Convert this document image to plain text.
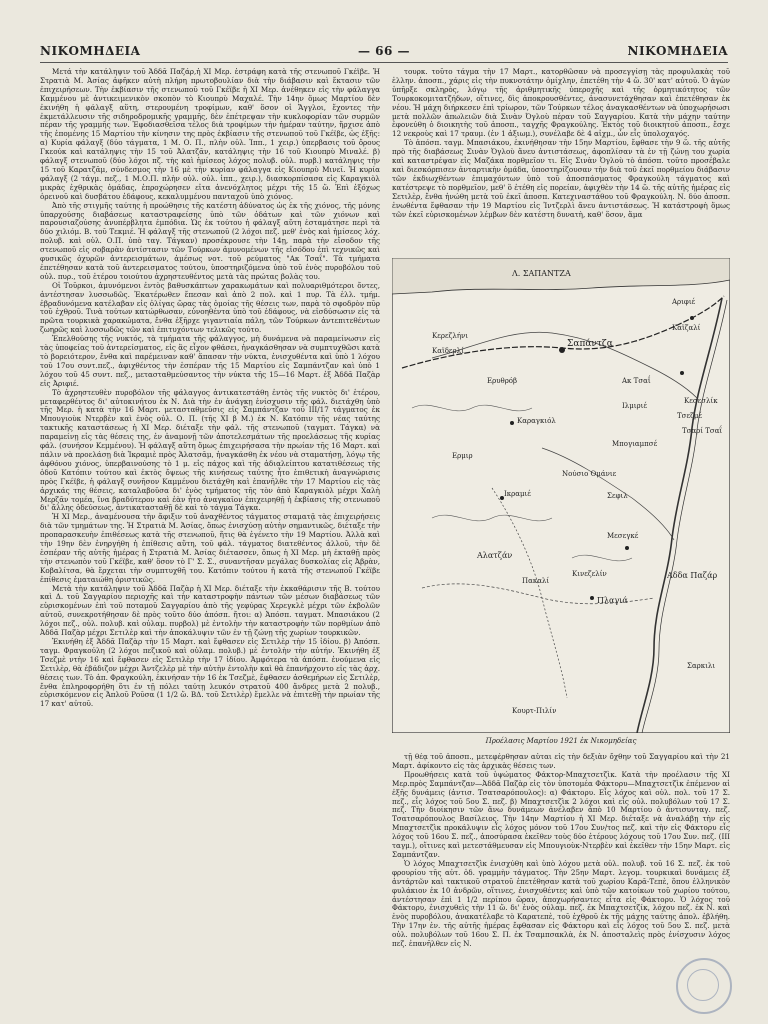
ΝΙΚΟΜΗΔΕΙΑ	— 66 —	ΝΙΚΟΜΗΔΕΙΑ

Μετά τὴν κατάληψιν τοῦ Ἀδδᾶ Παζάρ,ἡ ΧΙ Μερ. ἐστράφη κατὰ τῆς στενωποῦ Γκέϊβε. Ἡ Στρατιὰ Μ. Ἀσίας ἀφῆκεν αὐτὴ πλήρη πρωτοβουλίαν διὰ τὴν διάβασιν καὶ ἔκτασιν τῶν ἐπιχειρήσεων. Τὴν ἐκβίασιν τῆς στενωποῦ τοῦ Γκέϊβε ἡ ΧΙ Μερ. ἀνέθηκεν εἰς τὴν φάλαγγα Καμμένου μὲ ἀντικειμενικὸν σκοπὸν τὸ Κιουπρὺ Μαχαλέ. Τὴν 14ην ὅμως Μαρτίου δὲν ἐκινήθη ἡ φάλαγξ αὕτη, στερουμένη τροφίμων, καθ' ὅσον οἱ Ἄγγλοι, ἔχοντες τὴν ἐκμετάλλευσιν τῆς σιδηροδρομικῆς γραμμῆς, δὲν ἐπέτρεψαν τὴν κυκλοφορίαν τῶν συρμῶν πέραν τῆς γραμμῆς των. Ἐφοδιασθεῖσα τέλος διὰ τροφίμων τὴν ἡμέραν ταύτην, ἤρχισε ἀπὸ τῆς ἐπομένης 15 Μαρτίου τὴν κίνησιν της πρὸς ἐκβίασιν τῆς στενωποῦ τοῦ Γκέϊβε, ὡς ἑξῆς: α) Κυρία φάλαγξ (δύο τάγματα, 1 Μ. Ο. Π., πλὴν οὐλ. Ἱππ., 1 χειρ.) ὑπερβασις τοῦ ὄρους Γκεούκ καὶ κατάληψις τὴν 15 τοῦ Ἀλατζᾶν, κατάληψις τὴν 16 τοῦ Κιουπρὺ Μιναλέ. β) φάλαγξ στενωποῦ (δύο λόχοι πζ. τὴς καὶ ἡμίσεος λόχος πολυβ. οὐλ. πυρβ.) κατάληψις τὴν 15 τοῦ Καρατζᾶμ, σύνδεσμος τὴν 16 μὲ τὴν κυρίαν φάλαγγα εἰς Κιουπρὺ Μινεῖ. Ἡ κυρία φάλαγξ (2 τάγμ. πεζ., 1 Μ.Ο.Π. πλὴν οὐλ. οὐλ. ἱππ., χειρ.), διασκορπίσασα εἰς Καραγκιὸλ μικρὰς ἐχθρικὰς ὁμάδας, ἐπροχώρησεν εἰτα ἀνενόχλητος μέχρι τῆς 15 ὥ. Ἐπὶ ἐξόχως ὀρεινοῦ καὶ δυσβάτου ἐδάφους, κεκαλυμμένου πανταχοῦ ὑπὸ χιόνος.

Ἀπὸ τῆς στιγμῆς ταύτης ἡ προώθησις τῆς κατέστη ἀδύνατος ὡς ἐκ τῆς χιόνος, τῆς μόνης ὑπαρχούσης διαβάσεως καταστραφείσης ὑπὸ τῶν ὀδάτων καὶ τῶν χιόνων καὶ παρουσιαζούσης ἀνυπέρβλητα ἐμπόδια. Ὡς ἐκ τούτου ἡ φάλαγξ αὕτη ἐσταμάτησε περὶ τὰ δύο χιλιόμ. Β. τοῦ Τεκμιέ. Ἡ φάλαγξ τῆς στενωποῦ (2 λόχοι πεζ. μεθ' ἑνὸς καὶ ἡμίσεος λόχ. πολυβ. καὶ οὐλ. Ο.Π. ὑπὸ ταγ. Τάγκαν) προσέκρουσε τὴν 14ῃ, παρὰ τὴν εἴσοδον τῆς στενωποῦ εἰς σοβαρὰν ἀντίστασιν τῶν Τούρκων ἀμυνομένων τῆς εἰσόδου ἐπὶ τεχνικῶς καὶ φυσικῶς ὀχυρῶν ἀντερεισμάτων, ἀμέσως νοτ. τοῦ ρεύματος "Ακ Τσαΐ". Τὰ τμήματα ἐπετέθησαν κατὰ τοῦ ἀντερεισματος τούτου, ὑποστηριζόμενα ὑπὸ τοῦ ἑνὸς πυροβόλου τοῦ οὐλ. πυρ., τοῦ ἑτέρου τοιούτου ἀχρηστευθέντος μετὰ τὰς πρώτας βολὰς του.

Οἱ Τοῦρκοι, ἀμυνόμενοι ἐντὸς βαθυσκάπτων χαρακωμάτων καὶ πολυαριθμότεροι ὄντες, ἀντέστησαν λυσσωδῶς. Ἐκατέρωθεν ἔπεσαν καὶ ἀπὸ 2 πολ. καὶ 1 πυρ. Τὰ ἑλλ. τμήμ. ἐβραδυνόμενα κατέλαβαν εἰς ὀλίγας ὥρας τὰς ὁμοίας τῆς θέσεις των, παρὰ τὸ σφοδρὸν πῦρ τοῦ ἐχθροῦ. Τινὰ τούτων κατώρθωσαν, εὐνοηθέντα ὑπὸ τοῦ ἐδάφους, νὰ εἰσδύσωσιν εἰς τὰ πρῶτα τουρκικὰ χαρακώματα, ἔνθα ἐξῆρχε γιγαντιαία πάλη, τῶν Τούρκων ἀντεπιτεθέντων ζωηρῶς καὶ λυσσωδῶς τῶν καὶ ἐπιτυχόντων τελικῶς τούτο.

Ἐπελθούσης τῆς νυκτός, τὰ τμήματα τῆς φάλαγγος, μὴ δυνάμενα νὰ παραμείνωσιν εἰς τὰς ὑποφείας τοῦ ἀντερείσματος, εἰς ἃς εἶχον φθάσει, ἠναγκάσθησαν νὰ συμπτυχθῶσι κατὰ τὸ βορειότερον, ἔνθα καὶ παρέμειναν καθ' ἅπασαν τὴν νύκτα, ἐνισχυθέντα καὶ ὑπὸ 1 λόχου τοῦ 17ου συντ.πεζ., ἀφιχθέντος τὴν ἑσπέραν τῆς 15 Μαρτίου εἰς Σαμπάντζαν καὶ ὑπὸ 1 λόχου τοῦ 45 συντ. πεζ., μετασταθμεύσαντος τὴν νύκτα τῆς 15—16 Μαρτ. ἐξ Ἀδδᾶ Παζὰρ εἰς Ἀριφιέ.

Τὸ ἀχρηστευθὲν πυροβόλον τῆς φάλαγγος ἀντικατεστάθη ἐντὸς τῆς νυκτὸς δι' ἑτέρου, μεταφερθέντος δι' αὐτοκινήτου ἐκ Ν. Διὰ τὴν ἐν ἀνάγκῃ ἐνίσχυσιν τῆς φάλ. διετάχθη ὑπὸ τῆς Μερ. ἡ κατὰ τὴν 16 Μαρτ. μετασταθμεῦσις εἰς Σαμπάντζαν τοῦ ΙΙΙ/17 τάγματος ἐκ Μπουγιοὺκ Ντερβὲν καὶ ἑνὸς οὐλ. Ο. Π. (τῆς ΧΙ β Μ.) ἐκ Ν. Κατόπιν τῆς νέας ταύτης τακτικῆς καταστάσεως ἡ ΧΙ Μερ. διέταξε τὴν φάλ. τῆς στενωποῦ (ταγματ. Τάγκα) νὰ παραμείνῃ εἰς τὰς θέσεις της, ἐν ἀναμονῇ τῶν ἀποτελεσμάτων τῆς προελάσεως τῆς κυρίας φάλ. (συνήσον Κεμμένου). Ἡ φάλαγξ αὕτη ὅμως ἐπιχειρήσασα τὴν πρωίαν τῆς 16 Μαρτ. καὶ πάλιν νὰ προελάσῃ διὰ Ἰκραμιὲ πρὸς Ἀλατσᾶμ, ἠναγκάσθη ἐκ νέου νὰ σταματήσῃ, λόγῳ τῆς ἀφθόνου χιόνος, ὑπερβαινούσης τὸ 1 μ. εἰς πάχος καὶ τῆς ἀδιαλείπτου κατατιθέσεως τῆς ὁδοῦ Κατόπιν τούτου καὶ ἐκτὸς ὄψεως τῆς κινήσεως ταύτης ἦτο ἐπιθετικὴ ἀναγνώρισις πρὸς Γκέϊβε, ἡ φάλαγξ συνῆσον Καμμένου διετάχθη καὶ ἐπανῆλθε τὴν 17 Μαρτίου εἰς τὰς ἀρχικάς της θέσεις, καταλαβοῦσα δι' ἑνὸς τμήματος τῆς τὸν ἀπὸ Καραγκιὸλ μέχρι Χαλὴ Μερζᾶν τομέα, ἵνα βραδύτερον καὶ ἐὰν ἦτο ἀναγκαῖον ἐπιχειρηθῇ ἡ ἐκβίασις τῆς στενωποῦ δι' ἄλλης ὁδεύσεως, ἀντικατασταθῇ δὲ καὶ τὸ τάγμα Τάγκα.

Ἡ ΧΙ Μερ., ἀναμένουσα τὴν ἄφιξιν τοῦ ἀναχθέντος τάγματος σταματᾷ τὰς ἐπιχειρήσεις διὰ τῶν τμημάτων της. Ἡ Στρατιὰ Μ. Ἀσίας, ὅπως ἐνισχύσῃ αὐτὴν σημαντικῶς, διέταξε τὴν προπαρασκευὴν ἐπιθέσεως κατὰ τῆς στενωποῦ, ἥτις θὰ ἐγένετο τὴν 19 Μαρτίου. Ἀλλὰ καὶ τὴν 19ην δὲν ἐνηργήθη ἡ ἐπίθεσις αὕτη, τοῦ φάλ. τάγματος διατεθέντος ἀλλοῦ, τὴν δὲ ἑσπέραν τῆς αὐτῆς ἡμέρας ἡ Στρατιὰ Μ. Ἀσίας διέτασσεν, ὅπως ἡ ΧΙ Μερ. μὴ ἐκταθῇ πρὸς τὴν στενωπὸν τοῦ Γκέϊβε, καθ' ὅσον τὸ Γ' Σ. Σ., συναντῆσαν μεγάλας δυσκολίας εἰς Ἀβρὰν, Κοβαλίτσα, θὰ ἔρχεται τὴν συμπτυχθῆ του. Κατόπιν τούτου ἡ κατὰ τῆς στενωποῦ Γκέϊβε ἐπίθεσις ἐματαιώθη ὁριστικῶς.

Μετὰ τὴν κατάληψιν τοῦ Ἀδδᾶ Παζὰρ ἡ ΧΙ Μερ. διέταξε τὴν ἐκκαθάρισιν τῆς Β. τούτου καὶ Δ. τοῦ Σαγγαρίου περιοχῆς καὶ τὴν καταστροφὴν πάντων τῶν μέσων διαβάσεως τῶν εὑρισκομένων ἐπὶ τοῦ ποταμοῦ Σαγγαρίου ἀπὸ τῆς γεφύρας Χερεγκλὲ μέχρι τῶν ἐκβολῶν αὐτοῦ, συνεκροτήθησαν δὲ πρὸς τοῦτο δύο ἀπόσπ. ἤτοι: α) Ἀπόσπ. ταγματ. Μπασιάκου (2 λόχοι πεζ., οὐλ. πολυβ. καὶ οὐλαμ. πυρβολ) μὲ ἐντολὴν τὴν καταστροφὴν τῶν πορθμίων ἀπὸ Ἀδδᾶ Παζὰρ μέχρι Σετιλὲρ καὶ τὴν ἀποκάλυψιν τῶν ἐν τῇ ζώνῃ τῆς χωρίων τουρκικῶν.

Ἐκινήθη ἐξ Ἀδδᾶ Παζὰρ τὴν 15 Μαρτ. καὶ ἔφθασεν εἰς Σετιλὲρ τὴν 15 ἰδίου. β) Ἀπόσπ. ταγμ. Φραγκούλη (2 λόχοι πεζικοῦ καὶ οὐλαμ. πολυβ.) μὲ ἐντολὴν τὴν αὐτήν. Ἐκινήθη ἐξ Τσεζμὲ ντὴν 16 καὶ ἔφθασεν εἰς Σετιλὲρ τὴν 17 ἰδίου. Ἀμφότερα τὰ ἀπόσπ. ἑνούμενα εἰς Σετιλὲρ, θὰ ἐβάδιζον μέχρι Ἀντζελὲρ μὲ τὴν αὐτὴν ἐντολὴν καὶ θὰ ἐπανήρχοντο εἰς τὰς ἀρχ. θέσεις των. Τὸ ἀπ. Φραγκούλη, ἐκινήσαν τὴν 16 ἐκ Τσεζμὲ, ἔφθασεν ἀσθεμήρων εἰς Σετιλὲρ, ἔνθα ἐπληροφορήθη ὅτι ἐν τῇ πόλει ταύτῃ λευκόν στρατοῦ 400 ἄνδρες μετὰ 2 πολυβ., εὑρισκόμενον εἰς Ἀπλοῦ Ροῦσα (1 1/2 ὥ. ΒΔ. τοῦ Σετιλὲρ) ἔμελλε νὰ ἐπιτεθῇ τὴν πρωίαν τῆς 17 κατ' αὐτοῦ.

τουρκ. τοῦτο τάγμα τὴν 17 Μαρτ., κατορθῶσαν νὰ προσεγγίσῃ τὰς προφυλακὰς τοῦ ἑλλην. ἀποσπ., χάρις εἰς τὴν πυκνοτάτην ὁμίχλην, ἐπετέθη τὴν 4 ὥ. 30' κατ' αὐτοῦ. Ὁ ἀγὼν ὑπῆρξε σκληρὸς, λόγῳ τῆς ἀριθμητικῆς ὑπεροχῆς καὶ τῆς ὁρμητικότητος τῶν Τουρκοκομιτατζήδων, οἵτινες, δὶς ἀποκρουσθέντες, ἀνασυνετάχθησαν καὶ ἐπετέθησαν ἐκ νέου. Ἡ μάχη διήρκεσεν ἐπὶ τρίωρον, τῶν Τούρκων τέλος ἀναγκασθέντων νὰ ὑποχωρήσωσι μετὰ πολλῶν ἀπωλειῶν διὰ Σινὰν Ὀγλοὺ πέραν τοῦ Σαγγαρίου. Κατὰ τὴν μάχην ταύτην ἐφονεύθη ὁ διοικητὴς τοῦ ἀποσπ., ταγχῆς Φραγκούλης. Ἐκτὸς τοῦ διοικητοῦ ἀποσπ., ἔσχε 12 νεκροὺς καὶ 17 τραυμ. (ἐν 1 ἀξιωμ.), συνέλαβε δὲ 4 αἰχμ., ὧν εἷς ὑπολοχαγός.

Τὸ ἀπόσπ. ταγμ. Μπασιάκου, ἐκινήθησαν τὴν 15ην Μαρτίου, ἔφθασε τὴν 9 ὥ. τῆς αὐτῆς πρὸ τῆς διαβάσεως Σινὰν Ὀγλοὺ ἄνευ ἀντιστάσεως, ἀφοπλίσαν τὰ ἐν τῇ ζώνῃ του χωρία καὶ καταστρέψαν εἰς Μαζάκα πορθμεῖον τι. Εἰς Σινὰν Ὀγλοὺ τὸ ἀπόσπ. τοῦτο προσέβαλε καὶ διεσκόρπισεν ἀνταρτικὴν ὁμάδα, ὑποστηρίζουσαν τὴν διὰ τοῦ ἐκεῖ πορθμείου διάβασιν τῶν ἐκδιωχθέντων ἐπιμαχόντων ὑπὸ τοῦ ἀποσπάσματος Φραγκούλη τάγματος καὶ κατέστρεψε τὸ πορθμεῖον, μεθ' ὃ ἐτέθη εἰς πορείαν, ἀφιχθὲν τὴν 14 ὥ. τῆς αὐτῆς ἡμέρας εἰς Σετιλὲρ, ἔνθα ἠνώθη μετὰ τοῦ ἐκεῖ ἀποσπ. Κατεχιναστάθου τοῦ Φραγκούλη. Ν. δύο ἀποσπ. ἑνωθέντα ἔφθασαν τὴν 19 Μαρτίου εἰς Ἰντζερλὶ ἄνευ ἀντιστάσεως. Ἡ κατάστροφὴ ὅμως τῶν ἐκεῖ εὑρισκομένων λέμβων δὲν κατέστη δυνατὴ, καθ' ὅσον, ἅμα

Λ. ΣΑΠΑΝΤΖΑ
Αριφιέ
Καϊζαλί
Σαπάντζα
Ακ Τσαΐ
Κεσεσλίκ
Τσεζμέ
Τσαρί Τσαΐ
Ιλμιριέ
Καραγκιόλ
Ερυθρόβ
Ικραμιέ
Αλατζάν
Κινεζελίν
Πλαγιά
Πακαλί
Σεφιλ
Μπογιαμπσέ
Νούσιο Ομάνιε
Αδδα Παζάρ
Κουρτ-Πιλίν
Κερεζλήνι
Καϊδερλί
Σαρκιλι
Ερμιρ
Μεσεγκέ
Προέλασις Μαρτίου 1921 ἐκ Νικομηδείας

τῇ θέᾳ τοῦ ἀποσπ., μετεφέρθησαν αὗται εἰς τὴν δεξιὰν ὄχθην τοῦ Σαγγαρίου καὶ τὴν 21 Μαρτ. ἀφίκοντο εἰς τὰς ἀρχικὰς θέσεις των.

Προωθήσεις κατὰ τοῦ ὑψώματος Φάκτορ-Μπαχτσετζὶκ. Κατὰ τὴν προέλασιν τῆς ΧΙ Μερ.πρὸς Σαμπάντζαν—Ἀδδᾶ Παζὰρ εἰς τὸν ὑποτομέα Φάκτορυ—Μπαχτσετζὶκ ἐπέμενον αἱ ἐξῆς δυνάμεις (ἀντισ. Τσατσαρόπουλος): α) Φάκτορυ. Εἷς λόχος καὶ οὐλ. πολ. τοῦ 17 Σ. πεζ., εἷς λόχος τοῦ 5ου Σ. πεζ. β) Μπαχτσετζὶκ 2 λόχοι καὶ εἷς οὐλ. πολυβόλων τοῦ 17 Σ. πεζ. Τὴν διοίκησιν τῶν ἄνω δυνάμεων ἀνέλαβεν ἀπὸ 10 Μαρτίου ὁ ἀντισυνταγ. πεζ. Τσατσαρόπουλος Βασίλειος. Τὴν 14ην Μαρτίου ἡ ΧΙ Μερ. διέταξε νὰ ἀναλάβῃ τὴν εἰς Μπαχτσετζὶκ προκάλυψιν εἷς λόχος μόνον τοῦ 17ου Συν/τος πεζ. καὶ τὴν εἰς Φάκτορυ εἷς λόχος τοῦ 16ου Σ. πεζ., ἀποσύρασα ἐκεῖθεν τοὺς δύο ἑτέρους λόχους τοῦ 17ου Συν. πεζ. (ΙΙΙ ταγμ.), οἵτινες καὶ μετεστάθμευσαν εἰς Μπουγιοὺκ-Ντερβὲν καὶ ἐκεῖθεν τὴν 15ην Μαρτ. εἰς Σαμπάντζαν.

Ὁ λόχος Μπαχτσετζὶκ ἐνισχύθη καὶ ὑπὸ λόχου μετὰ οὐλ. πολυβ. τοῦ 16 Σ. πεζ. ἐκ τοῦ φρουρίου τῆς αὐτ. ὁδ. γραμμὴν τάγματος. Τὴν 25ην Μαρτ. λεγομ. τουρκικαὶ δυνάμεις ἐξ ἀντάρτῶν καὶ τακτικοῦ στρατοῦ ἐπετέθησαν κατὰ τοῦ χωρίου Καρᾶ-Τεπὲ, ὅπου ἑλληνικὸν φυλάκιον ἐκ 10 ἀνδρῶν, οἵτινες, ἐνισχυθέντες καὶ ὑπὸ τῶν κατοίκων τοῦ χωρίου τούτου, ἀντέστησαν ἐπὶ 1 1/2 περίπου ὥραν, ἀποχωρήσαντες εἶτα εἰς Φάκτορυ. Ὁ λόχος τοῦ Φάκτορυ, ἐνισχυθεὶς τὴν 11 ὥ. δι' ἑνὸς οὐλαμ. πεζ. ἐκ Μπαχτσετζίκ, λόχου πεζ. ἐκ Ν. καὶ ἑνὸς πυροβόλου, ἀνακατέλαβε τὸ Καρατεπὲ, τοῦ ἐχθροῦ ἐκ τῆς μάχης ταύτης ἀπολ. ἐβλήθη. Τὴν 17ην ἐν. τῆς αὐτῆς ἡμέρας ἔφθασαν εἰς Φάκτορυ καὶ εἷς λόχος τοῦ 5ου Σ. πεζ. μετὰ οὐλ. πολυβόλων τοῦ 16ου Σ. Π. ἐκ Τσαμπσακλὰ, ἐκ Ν. ἀποσταλεὶς πρὸς ἐνίσχυσιν λόχος πεζ. ἐπανῆλθεν εἰς Ν.
